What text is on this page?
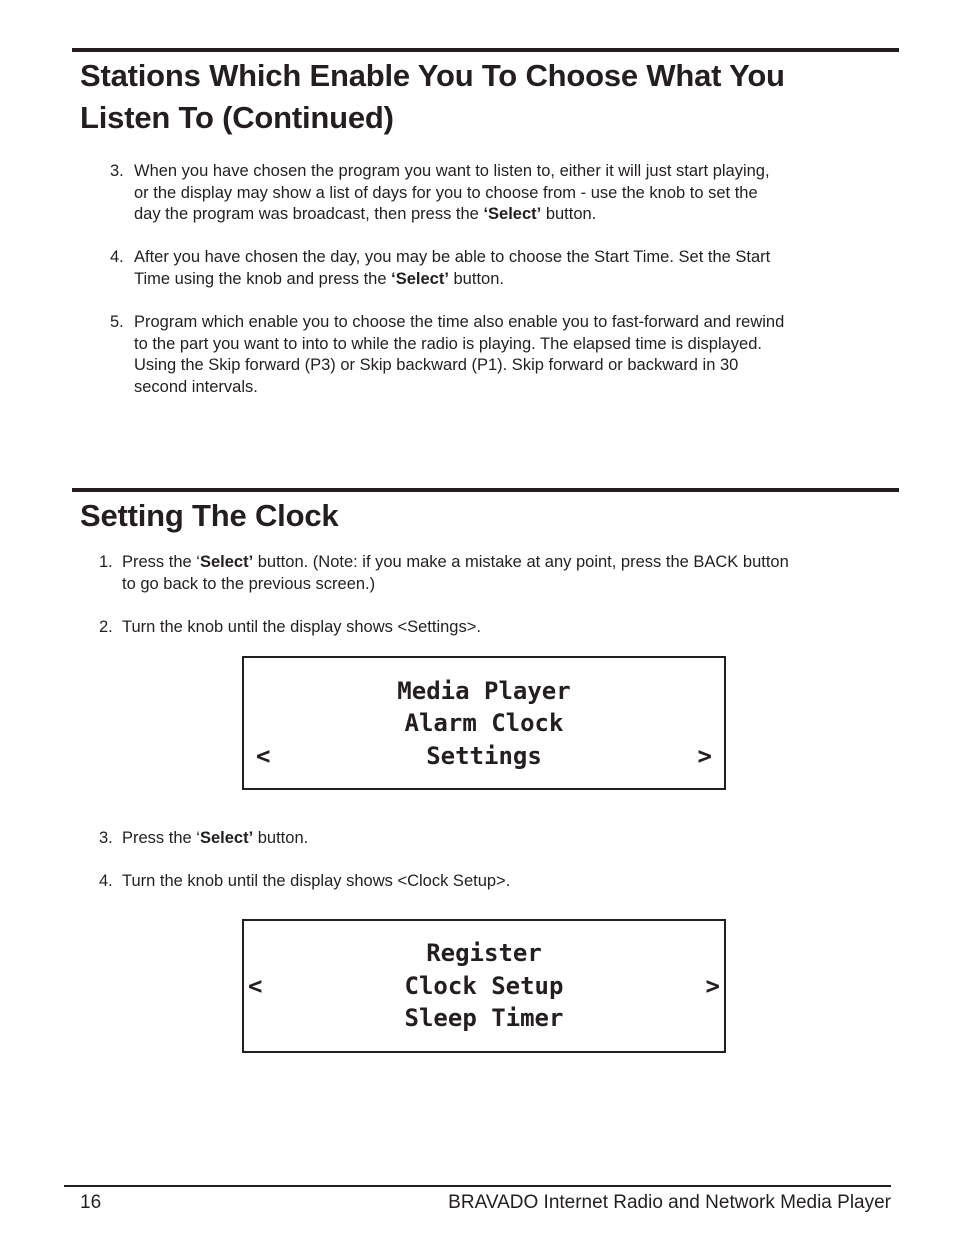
Stations Which Enable You To Choose What You
Listen To (Continued)
3. When you have chosen the program you want to listen to, either it will just start playing,
or the display may show a list of days for you to choose from - use the knob to set the
day the program was broadcast, then press the ‘Select’ button.
4. After you have chosen the day, you may be able to choose the Start Time. Set the Start
Time using the knob and press the ‘Select’ button.
5. Program which enable you to choose the time also enable you to fast-forward and rewind
to the part you want to into to while the radio is playing. The elapsed time is displayed.
Using the Skip forward (P3) or Skip backward (P1). Skip forward or backward in 30
second intervals.
Setting The Clock
1. Press the ‘Select’ button. (Note: if you make a mistake at any point, press the BACK button
to go back to the previous screen.)
2. Turn the knob until the display shows <Settings>.
Media Player
Alarm Clock
Settings
<	>
3. Press the ‘Select’ button.
4. Turn the knob until the display shows <Clock Setup>.
Register
Clock Setup
Sleep Timer
<	>
16	BRAVADO Internet Radio and Network Media Player
